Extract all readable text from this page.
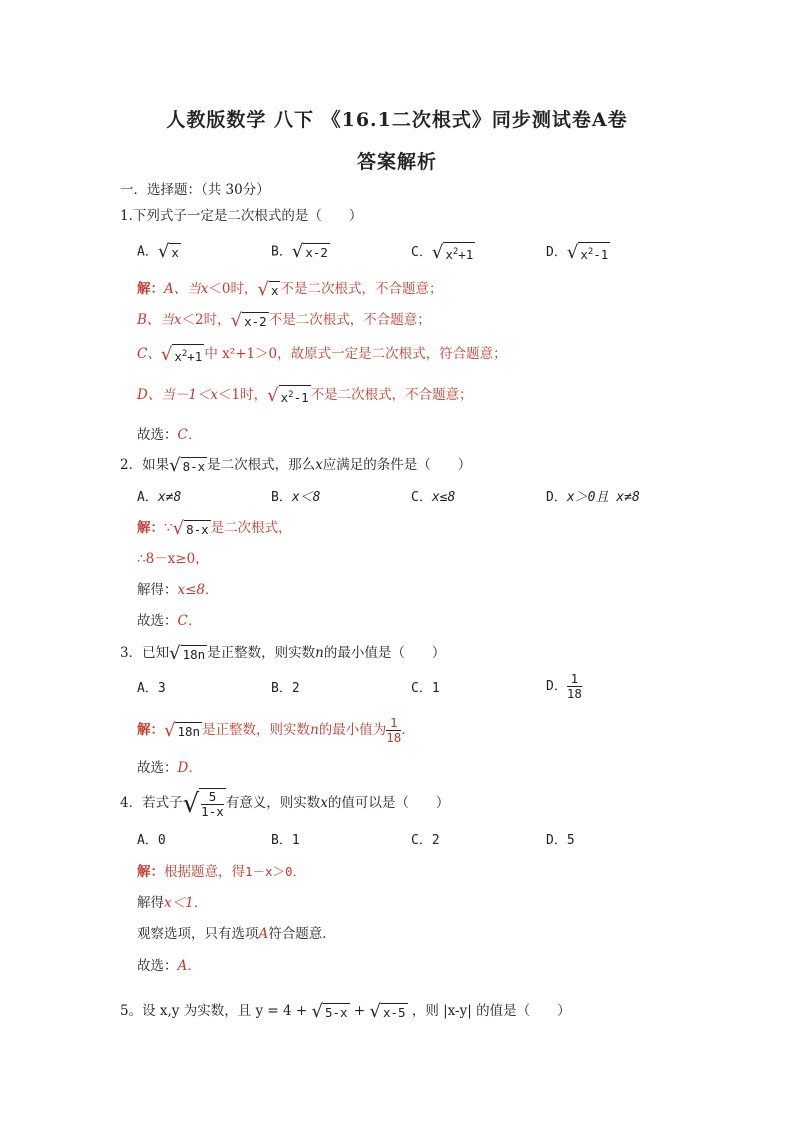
人教版数学 八下 《16.1二次根式》同步测试卷A卷
答案解析
一．选择题：（共 30分）
1.下列式子一定是二次根式的是（　　）
A．√ x	B．√ x-2	C．√ $x^2+1$	D．√ $x^2-1$
解：A、当x＜0时，√ x 不是二次根式，不合题意；
B、当x＜2时，√ x-2 不是二次根式，不合题意；
C、√ $x^2+1$ 中 x²+1＞0，故原式一定是二次根式，符合题意；
D、当－1＜x＜1时，√ $x^2-1$ 不是二次根式，不合题意；
故选：C．
2．如果√ 8-x 是二次根式，那么x应满足的条件是（　　）
A．x≠8	B．x＜8	C．x≤8	D．x＞0且 x≠8
解：∵√ 8-x 是二次根式，
∴8－x≥0，
解得：x≤8．
故选：C．
3．已知√ 18n 是正整数，则实数n的最小值是（　　）
A．3	B．2	C．1	D． $\frac{1}{18}$
解：√ 18n 是正整数，则实数n的最小值为 $\frac{1}{18}$ ．
故选：D．
4．若式子√ $\frac{5}{1-x}$ 有意义，则实数x的值可以是（　　）
A．0	B．1	C．2	D．5
解：根据题意，得1－x＞0．
解得x＜1．
观察选项，只有选项A符合题意．
故选：A．
5。设 x,y 为实数，且 y = 4 + √ 5-x + √ x-5 ，则 |x-y| 的值是（　　）
